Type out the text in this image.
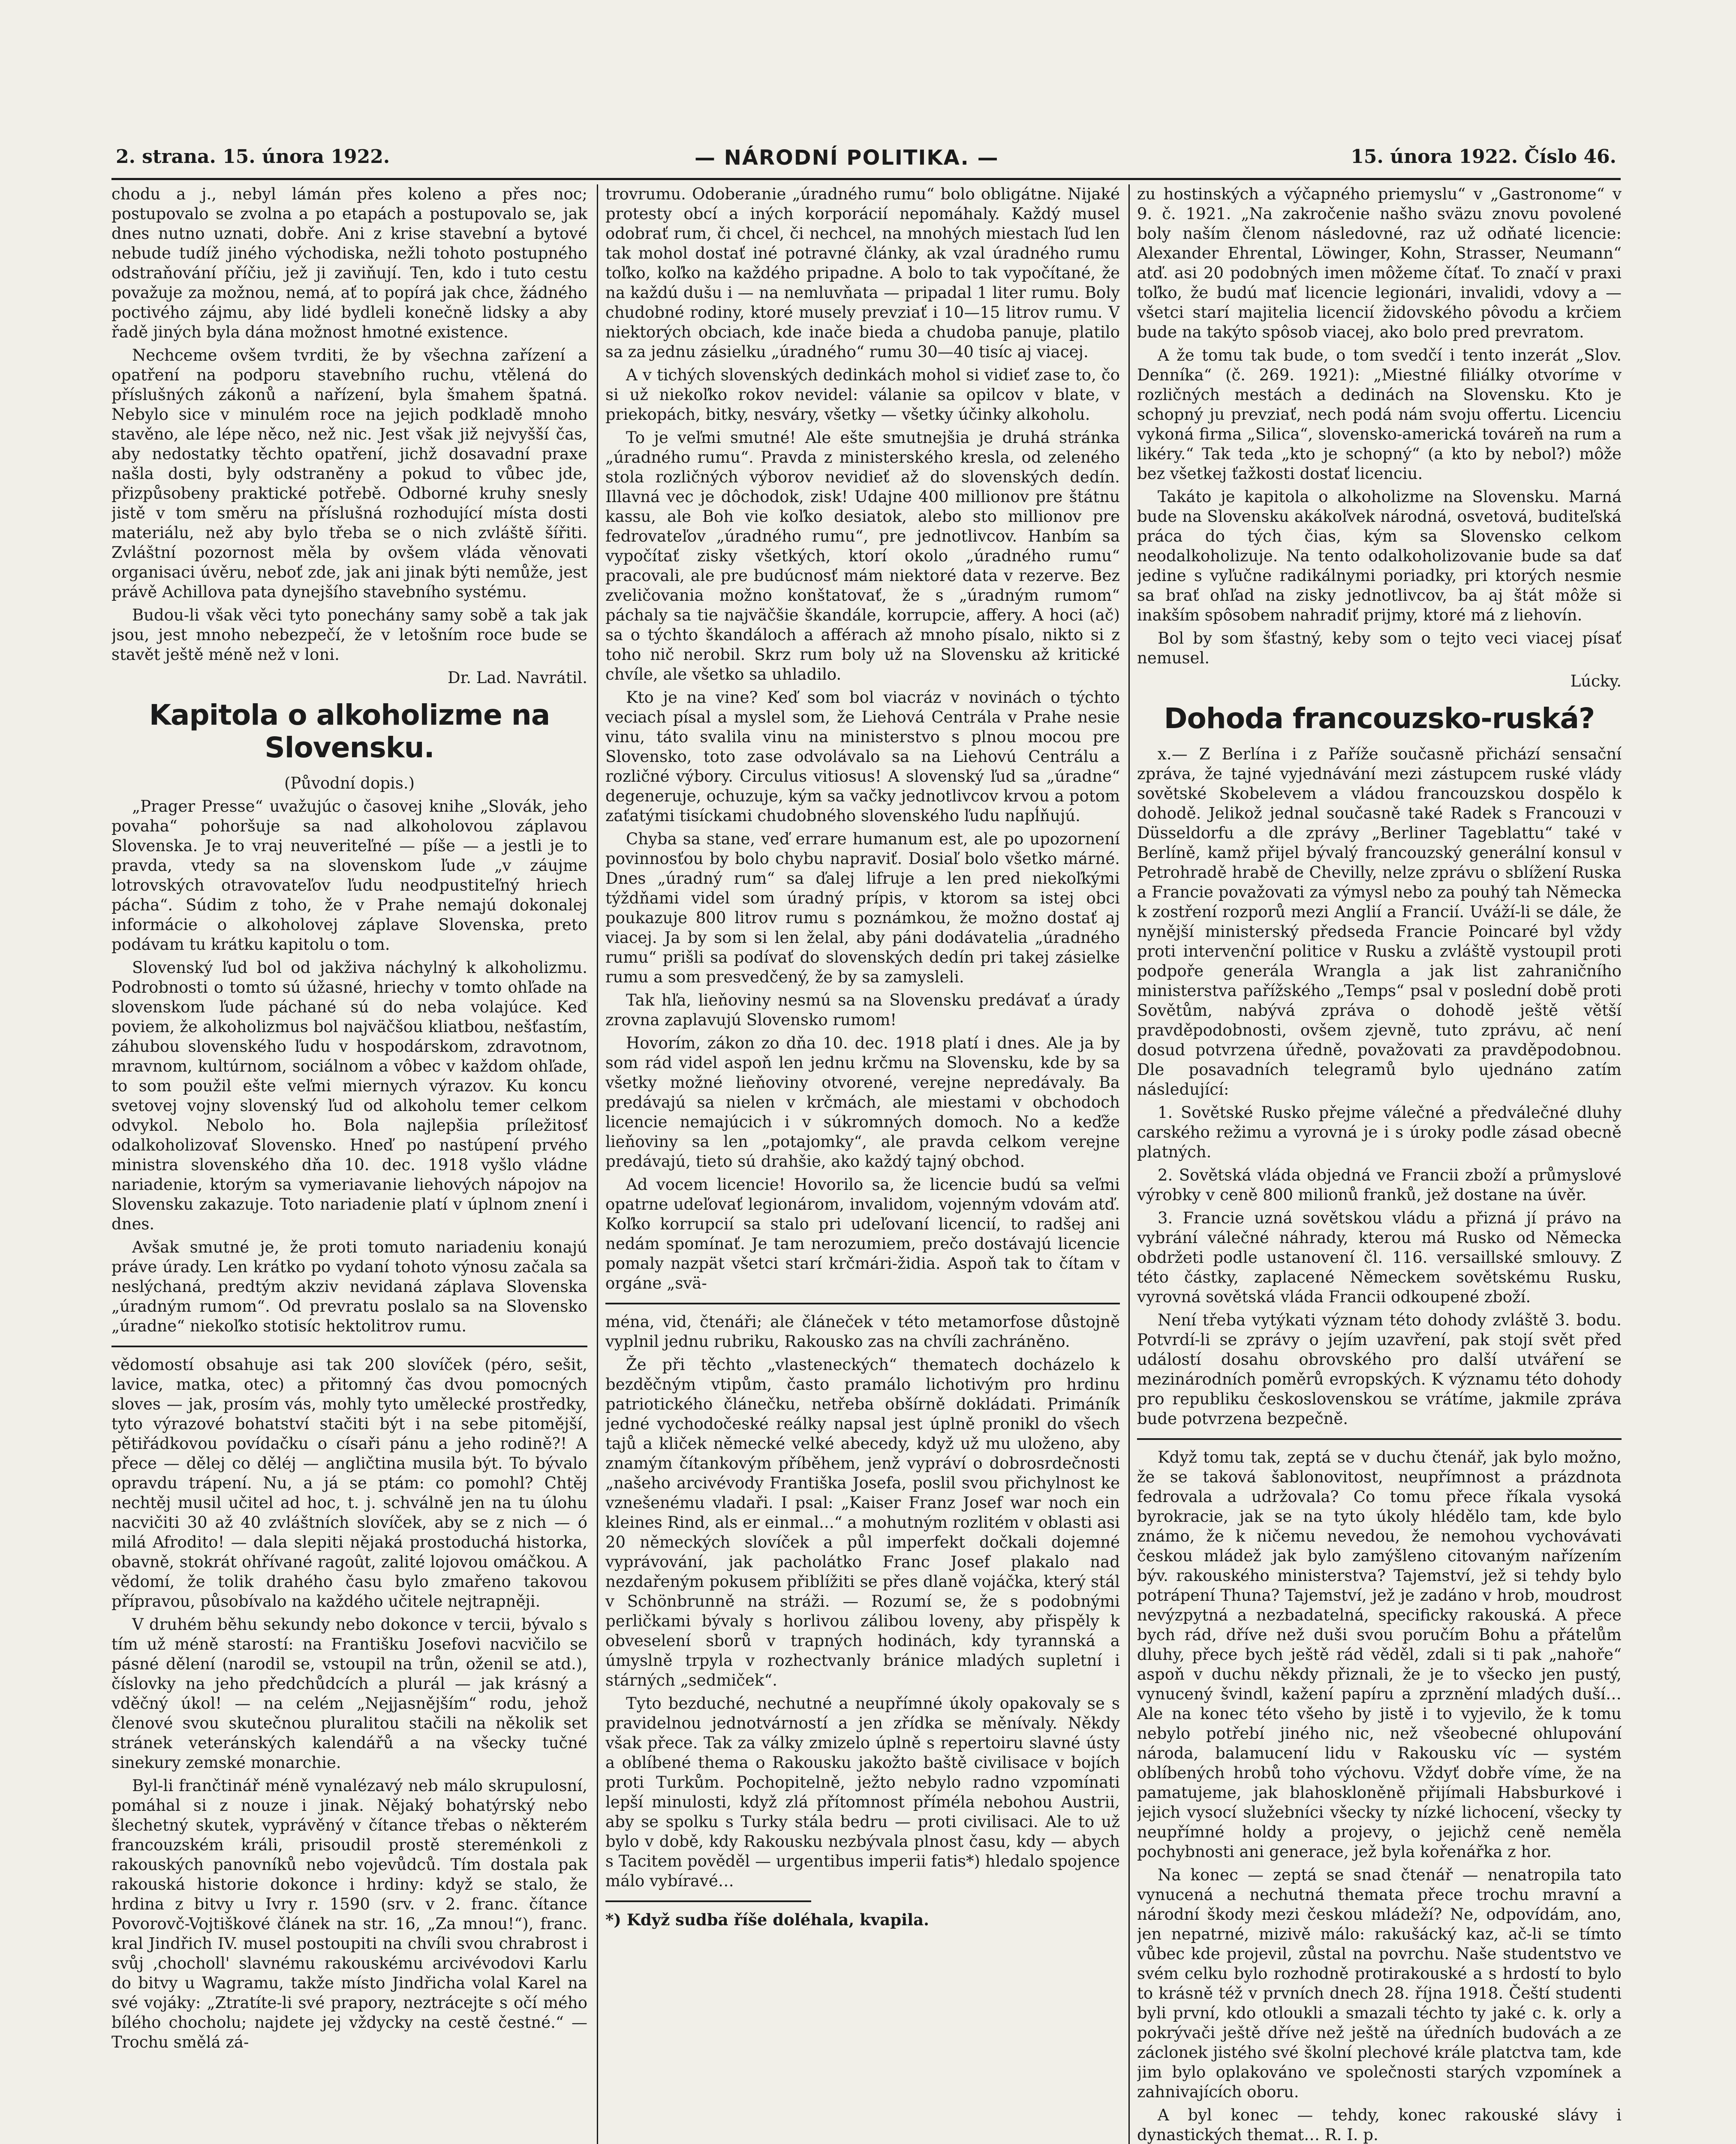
2. strana. 15. února 1922.	— NÁRODNÍ POLITIKA. —	15. února 1922. Číslo 46.

chodu a j., nebyl lámán přes koleno a přes noc; postupovalo se zvolna a po etapách a postupovalo se, jak dnes nutno uznati, dobře. Ani z krise stavební a bytové nebude tudíž jiného východiska, nežli tohoto postupného odstraňování příčiu, jež ji zaviňují. Ten, kdo i tuto cestu považuje za možnou, nemá, ať to popírá jak chce, žádného poctivého zájmu, aby lidé bydleli konečně lidsky a aby řadě jiných byla dána možnost hmotné existence.

Nechceme ovšem tvrditi, že by všechna zařízení a opatření na podporu stavebního ruchu, vtělená do příslušných zákonů a nařízení, byla šmahem špatná. Nebylo sice v minulém roce na jejich podkladě mnoho stavěno, ale lépe něco, než nic. Jest však již nejvyšší čas, aby nedostatky těchto opatření, jichž dosavadní praxe našla dosti, byly odstraněny a pokud to vůbec jde, přizpůsobeny praktické potřebě. Odborné kruhy snesly jistě v tom směru na příslušná rozhodující místa dosti materiálu, než aby bylo třeba se o nich zvláště šířiti. Zvláštní pozornost měla by ovšem vláda věnovati organisaci úvěru, neboť zde, jak ani jinak býti nemůže, jest právě Achillova pata dynejšího stavebního systému.

Budou-li však věci tyto ponechány samy sobě a tak jak jsou, jest mnoho nebezpečí, že v letošním roce bude se stavět ještě méně než v loni.

Dr. Lad. Navrátil.

Kapitola o alkoholizme na Slovensku.

(Původní dopis.)

„Prager Presse“ uvažujúc o časovej knihe „Slovák, jeho povaha“ pohoršuje sa nad alkoholovou záplavou Slovenska. Je to vraj neuveriteľné — píše — a jestli je to pravda, vtedy sa na slovenskom ľude „v záujme lotrovských otravovateľov ľudu neodpustiteľný hriech pácha“. Súdim z toho, že v Prahe nemajú dokonalej informácie o alkoholovej záplave Slovenska, preto podávam tu krátku kapitolu o tom.

Slovenský ľud bol od jakživa náchylný k alkoholizmu. Podrobnosti o tomto sú úžasné, hriechy v tomto ohľade na slovenskom ľude páchané sú do neba volajúce. Keď poviem, že alkoholizmus bol najväčšou kliatbou, nešťastím, záhubou slovenského ľudu v hospodárskom, zdravotnom, mravnom, kultúrnom, sociálnom a vôbec v každom ohľade, to som použil ešte veľmi miernych výrazov. Ku koncu svetovej vojny slovenský ľud od alkoholu temer celkom odvykol. Nebolo ho. Bola najlepšia príležitosť odalkoholizovať Slovensko. Hneď po nastúpení prvého ministra slovenského dňa 10. dec. 1918 vyšlo vládne nariadenie, ktorým sa vymeriavanie liehových nápojov na Slovensku zakazuje. Toto nariadenie platí v úplnom znení i dnes.

Avšak smutné je, že proti tomuto nariadeniu konajú práve úrady. Len krátko po vydaní tohoto výnosu začala sa neslýchaná, predtým akziv nevidaná záplava Slovenska „úradným rumom“. Od prevratu poslalo sa na Slovensko „úradne“ niekoľko stotisíc hektolitrov rumu.

vědomostí obsahuje asi tak 200 slovíček (péro, sešit, lavice, matka, otec) a přitomný čas dvou pomocných sloves — jak, prosím vás, mohly tyto umělecké prostředky, tyto výrazové bohatství stačiti být i na sebe pitomější, pětiřádkovou povídačku o císaři pánu a jeho rodině?! A přece — dělej co děléj — angličtina musila být. To bývalo opravdu trápení. Nu, a já se ptám: co pomohl? Chtěj nechtěj musil učitel ad hoc, t. j. schválně jen na tu úlohu nacvičiti 30 až 40 zvláštních slovíček, aby se z nich — ó milá Afrodito! — dala slepiti nějaká prostoduchá historka, obavně, stokrát ohřívané ragoût, zalité lojovou omáčkou. A vědomí, že tolik drahého času bylo zmařeno takovou přípravou, působívalo na každého učitele nejtrapněji.

V druhém běhu sekundy nebo dokonce v tercii, bývalo s tím už méně starostí: na Františku Josefovi nacvičilo se pásné dělení (narodil se, vstoupil na trůn, oženil se atd.), číslovky na jeho předchůdcích a plurál — jak krásný a vděčný úkol! — na celém „Nejjasnějším“ rodu, jehož členové svou skutečnou pluralitou stačili na několik set stránek veteránských kalendářů a na všecky tučné sinekury zemské monarchie.

Byl-li frančtinář méně vynalézavý neb málo skrupulosní, pomáhal si z nouze i jinak. Nějaký bohatýrský nebo šlechetný skutek, vyprávěný v čítance třebas o některém francouzském králi, prisoudil prostě stereménkoli z rakouských panovníků nebo vojevůdců. Tím dostala pak rakouská historie dokonce i hrdiny: když se stalo, že hrdina z bitvy u Ivry r. 1590 (srv. v 2. franc. čítance Povorovč-Vojtiškové článek na str. 16, „Za mnou!“), franc. kral Jindřich IV. musel postoupiti na chvíli svou chrabrost i svůj ,chocholl' slavnému rakouskému arcivévodovi Karlu do bitvy u Wagramu, takže místo Jindřicha volal Karel na své vojáky: „Ztratíte-li své prapory, neztrácejte s očí mého bílého chocholu; najdete jej vždycky na cestě čestné.“ — Trochu smělá zá-

trovrumu. Odoberanie „úradného rumu“ bolo obligátne. Nijaké protesty obcí a iných korporácií nepomáhaly. Každý musel odobrať rum, či chcel, či nechcel, na mnohých miestach ľud len tak mohol dostať iné potravné články, ak vzal úradného rumu toľko, koľko na každého pripadne. A bolo to tak vypočítané, že na každú dušu i — na nemluvňata — pripadal 1 liter rumu. Boly chudobné rodiny, ktoré musely prevziať i 10—15 litrov rumu. V niektorých obciach, kde inače bieda a chudoba panuje, platilo sa za jednu zásielku „úradného“ rumu 30—40 tisíc aj viacej.

A v tichých slovenských dedinkách mohol si vidieť zase to, čo si už niekoľko rokov nevidel: válanie sa opilcov v blate, v priekopách, bitky, nesváry, všetky — všetky účinky alkoholu.

To je veľmi smutné! Ale ešte smutnejšia je druhá stránka „úradného rumu“. Pravda z ministerského kresla, od zeleného stola rozličných výborov nevidieť až do slovenských dedín. Illavná vec je dôchodok, zisk! Udajne 400 millionov pre štátnu kassu, ale Boh vie koľko desiatok, alebo sto millionov pre fedrovateľov „úradného rumu“, pre jednotlivcov. Hanbím sa vypočítať zisky všetkých, ktorí okolo „úradného rumu“ pracovali, ale pre budúcnosť mám niektoré data v rezerve. Bez zveličovania možno konštatovať, že s „úradným rumom“ páchaly sa tie najväčšie škandále, korrupcie, affery. A hoci (ač) sa o týchto škandáloch a afférach až mnoho písalo, nikto si z toho nič nerobil. Skrz rum boly už na Slovensku až kritické chvíle, ale všetko sa uhladilo.

Kto je na vine? Keď som bol viacráz v novinách o týchto veciach písal a myslel som, že Liehová Centrála v Prahe nesie vinu, táto svalila vinu na ministerstvo s plnou mocou pre Slovensko, toto zase odvolávalo sa na Liehovú Centrálu a rozličné výbory. Circulus vitiosus! A slovenský ľud sa „úradne“ degeneruje, ochuzuje, kým sa vačky jednotlivcov krvou a potom zaťatými tisíckami chudobného slovenského ľudu napĺňujú.

Chyba sa stane, veď errare humanum est, ale po upozornení povinnosťou by bolo chybu napraviť. Dosiaľ bolo všetko márné. Dnes „úradný rum“ sa ďalej lifruje a len pred niekoľkými týždňami videl som úradný prípis, v ktorom sa istej obci poukazuje 800 litrov rumu s poznámkou, že možno dostať aj viacej. Ja by som si len želal, aby páni dodávatelia „úradného rumu“ prišli sa podívať do slovenských dedín pri takej zásielke rumu a som presvedčený, že by sa zamysleli.

Tak hľa, lieňoviny nesmú sa na Slovensku predávať a úrady zrovna zaplavujú Slovensko rumom!

Hovorím, zákon zo dňa 10. dec. 1918 platí i dnes. Ale ja by som rád videl aspoň len jednu krčmu na Slovensku, kde by sa všetky možné lieňoviny otvorené, verejne nepredávaly. Ba predávajú sa nielen v krčmách, ale miestami v obchodoch licencie nemajúcich i v súkromných domoch. No a keďže lieňoviny sa len „potajomky“, ale pravda celkom verejne predávajú, tieto sú drahšie, ako každý tajný obchod.

Ad vocem licencie! Hovorilo sa, že licencie budú sa veľmi opatrne udeľovať legionárom, invalidom, vojenným vdovám atď. Koľko korrupcií sa stalo pri udeľovaní licencií, to radšej ani nedám spomínať. Je tam nerozumiem, prečo dostávajú licencie pomaly nazpät všetci starí krčmári-židia. Aspoň tak to čítam v orgáne „svä-

ména, vid, čtenáři; ale článeček v této metamorfose důstojně vyplnil jednu rubriku, Rakousko zas na chvíli zachráněno.

Že při těchto „vlasteneckých“ thematech docházelo k bezděčným vtipům, často pramálo lichotivým pro hrdinu patriotického článečku, netřeba obšírně dokládati. Primáník jedné vychodočeské reálky napsal jest úplně pronikl do všech tajů a kliček německé velké abecedy, když už mu uloženo, aby znamým čítankovým příběhem, jenž vypráví o dobrosrdečnosti „našeho arcivévody Františka Josefa, poslil svou přichylnost ke vznešenému vladaři. I psal: „Kaiser Franz Josef war noch ein kleines Rind, als er einmal...“ a mohutným rozlitém v oblasti asi 20 německých slovíček a půl imperfekt dočkali dojemné vyprávování, jak pacholátko Franc Josef plakalo nad nezdařeným pokusem přiblížiti se přes dlaně vojáčka, který stál v Schönbrunně na stráži. — Rozumí se, že s podobnými perličkami bývaly s horlivou zálibou loveny, aby přispěly k obveselení sborů v trapných hodinách, kdy tyrannská a úmyslně trpyla v rozhectvanly bránice mladých supletní i stárných „sedmiček“.

Tyto bezduché, nechutné a neupřímné úkoly opakovaly se s pravidelnou jednotvárností a jen zřídka se měnívaly. Někdy však přece. Tak za války zmizelo úplně s repertoiru slavné ústy a oblíbené thema o Rakousku jakožto baště civilisace v bojích proti Turkům. Pochopitelně, ježto nebylo radno vzpomínati lepší minulosti, když zlá přítomnost příméla nebohou Austrii, aby se spolku s Turky stála bedru — proti civilisaci. Ale to už bylo v době, kdy Rakousku nezbývala plnost času, kdy — abych s Tacitem pověděl — urgentibus imperii fatis*) hledalo spojence málo vybíravé…

*) Když sudba říše doléhala, kvapila.

zu hostinských a výčapného priemyslu“ v „Gastronome“ v 9. č. 1921. „Na zakročenie našho sväzu znovu povolené boly naším členom následovné, raz už odňaté licencie: Alexander Ehrental, Löwinger, Kohn, Strasser, Neumann“ atď. asi 20 podobných imen môžeme čítať. To značí v praxi toľko, že budú mať licencie legionári, invalidi, vdovy a — všetci starí majitelia licencií židovského pôvodu a krčiem bude na takýto spôsob viacej, ako bolo pred prevratom.

A že tomu tak bude, o tom svedčí i tento inzerát „Slov. Denníka“ (č. 269. 1921): „Miestné filiálky otvoríme v rozličných mestách a dedinách na Slovensku. Kto je schopný ju prevziať, nech podá nám svoju offertu. Licenciu vykoná firma „Silica“, slovensko-americká továreň na rum a likéry.“ Tak teda „kto je schopný“ (a kto by nebol?) môže bez všetkej ťažkosti dostať licenciu.

Takáto je kapitola o alkoholizme na Slovensku. Marná bude na Slovensku akákoľvek národná, osvetová, buditeľská práca do tých čias, kým sa Slovensko celkom neodalkoholizuje. Na tento odalkoholizovanie bude sa dať jedine s vyľučne radikálnymi poriadky, pri ktorých nesmie sa brať ohľad na zisky jednotlivcov, ba aj štát môže si inakším spôsobem nahradiť prijmy, ktoré má z liehovín.

Bol by som šťastný, keby som o tejto veci viacej písať nemusel.

Lúcky.

Dohoda francouzsko-ruská?

x.— Z Berlína i z Paříže současně přichází sensační zpráva, že tajné vyjednávání mezi zástupcem ruské vlády sovětské Skobelevem a vládou francouzskou dospělo k dohodě. Jelikož jednal současně také Radek s Francouzi v Düsseldorfu a dle zprávy „Berliner Tageblattu“ také v Berlíně, kamž přijel bývalý francouzský generální konsul v Petrohradě hrabě de Chevilly, nelze zprávu o sblížení Ruska a Francie považovati za výmysl nebo za pouhý tah Německa k zostření rozporů mezi Anglií a Francií. Uváží-li se dále, že nynější ministerský předseda Francie Poincaré byl vždy proti intervenční politice v Rusku a zvláště vystoupil proti podpoře generála Wrangla a jak list zahraničního ministerstva pařížského „Temps“ psal v poslední době proti Sovětům, nabývá zpráva o dohodě ještě větší pravděpodobnosti, ovšem zjevně, tuto zprávu, ač není dosud potvrzena úředně, považovati za pravděpodobnou. Dle posavadních telegramů bylo ujednáno zatím následující:

1. Sovětské Rusko přejme válečné a předválečné dluhy carského režimu a vyrovná je i s úroky podle zásad obecně platných.

2. Sovětská vláda objedná ve Francii zboží a průmyslové výrobky v ceně 800 milionů franků, jež dostane na úvěr.

3. Francie uzná sovětskou vládu a přizná jí právo na vybrání válečné náhrady, kterou má Rusko od Německa obdržeti podle ustanovení čl. 116. versaillské smlouvy. Z této částky, zaplacené Německem sovětskému Rusku, vyrovná sovětská vláda Francii odkoupené zboží.

Není třeba vytýkati význam této dohody zvláště 3. bodu. Potvrdí-li se zprávy o jejím uzavření, pak stojí svět před událostí dosahu obrovského pro další utváření se mezinárodních poměrů evropských. K významu této dohody pro republiku československou se vrátíme, jakmile zpráva bude potvrzena bezpečně.

Když tomu tak, zeptá se v duchu čtenář, jak bylo možno, že se taková šablonovitost, neupřímnost a prázdnota fedrovala a udržovala? Co tomu přece říkala vysoká byrokracie, jak se na tyto úkoly hlédělo tam, kde bylo známo, že k ničemu nevedou, že nemohou vychovávati českou mládež jak bylo zamýšleno citovaným nařízením býv. rakouského ministerstva? Tajemství, jež si tehdy bylo potrápení Thuna? Tajemství, jež je zadáno v hrob, moudrost nevýzpytná a nezbadatelná, specificky rakouská. A přece bych rád, dříve než duši svou poručím Bohu a přátelům dluhy, přece bych ještě rád věděl, zdali si ti pak „nahoře“ aspoň v duchu někdy přiznali, že je to všecko jen pustý, vynucený švindl, kažení papíru a zprznění mladých duší… Ale na konec této všeho by jistě i to vyjevilo, že k tomu nebylo potřebí jiného nic, než všeobecné ohlupování národa, balamucení lidu v Rakousku víc — systém oblíbených hrobů toho výchovu. Vždyť dobře víme, že na pamatujeme, jak blahoskloněně přijímali Habsburkové i jejich vysocí služebníci všecky ty nízké lichocení, všecky ty neupřímné holdy a projevy, o jejichž ceně neměla pochybnosti ani generace, jež byla kořenářka z hor.

Na konec — zeptá se snad čtenář — nenatropila tato vynucená a nechutná themata přece trochu mravní a národní škody mezi českou mládeží? Ne, odpovídám, ano, jen nepatrné, mizivě málo: rakušácký kaz, ač-li se tímto vůbec kde projevil, zůstal na povrchu. Naše studentstvo ve svém celku bylo rozhodně protirakouské a s hrdostí to bylo to krásně též v prvních dnech 28. října 1918. Čeští studenti byli první, kdo otloukli a smazali téchto ty jaké c. k. orly a pokrývači ještě dříve než ještě na úředních budovách a ze záclonek jistého své školní plechové krále platctva tam, kde jim bylo oplakováno ve společnosti starých vzpomínek a zahnivajících oboru.

A byl konec — tehdy, konec rakouské slávy i dynastických themat… R. I. p.
